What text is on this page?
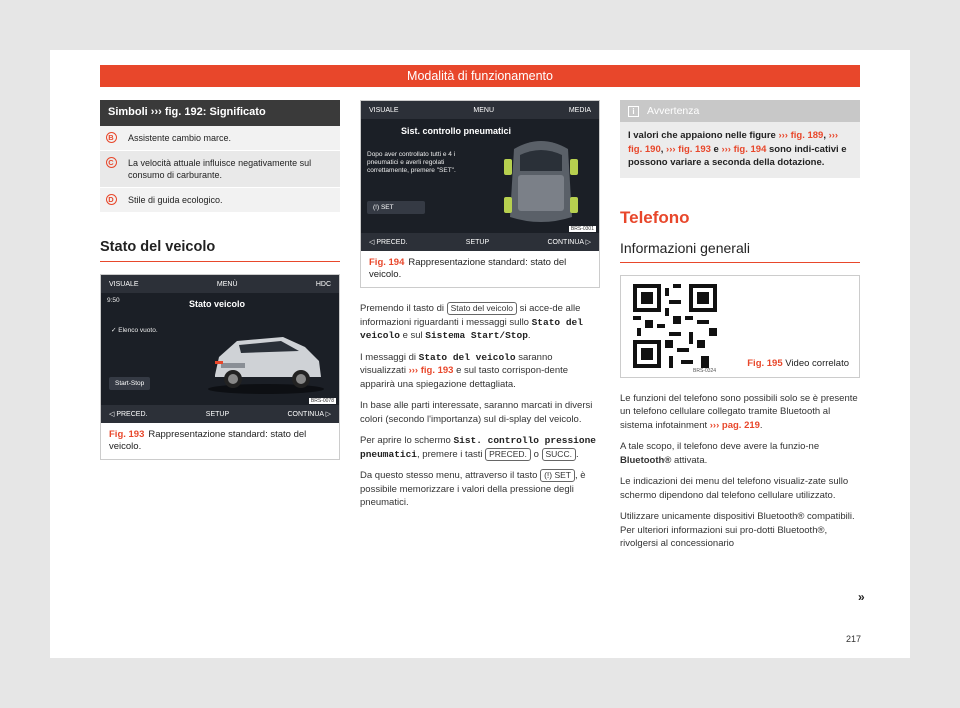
Modalità di funzionamento
Simboli ››› fig. 192: Significato
B	Assistente cambio marce.
C	La velocità attuale influisce negativamente sul consumo di carburante.
D	Stile di guida ecologico.
Stato del veicolo
VISUALE	MENÙ	HDC
9:50	Stato veicolo
✓ Elenco vuoto.
Start-Stop
◁ PRECED.	SETUP	CONTINUA ▷
BRS-0078
Fig. 193 Rappresentazione standard: stato del veicolo.
VISUALE	MENU	MEDIA
Sist. controllo pneumatici
Dopo aver controllato tutti e 4 i pneumatici e averli regolati correttamente, premere "SET".
(!) SET
◁ PRECED.	SETUP	CONTINUA ▷
BRS-0301
Fig. 194 Rappresentazione standard: stato del veicolo.

Premendo il tasto di Stato del veicolo si acce-de alle informazioni riguardanti i messaggi sullo Stato del veicolo e sul Sistema Start/Stop.

I messaggi di Stato del veicolo saranno visualizzati ››› fig. 193 e sul tasto corrispon-dente apparirà una spiegazione dettagliata.

In base alle parti interessate, saranno marcati in diversi colori (secondo l'importanza) sul di-splay del veicolo.

Per aprire lo schermo Sist. controllo pressione pneumatici, premere i tasti PRECED. o SUCC. .

Da questo stesso menu, attraverso il tasto (!) SET , è possibile memorizzare i valori della pressione degli pneumatici.

i	Avvertenza
I valori che appaiono nelle figure ››› fig. 189, ››› fig. 190, ››› fig. 193 e ››› fig. 194 sono indi-cativi e possono variare a seconda della dotazione.
Telefono
Informazioni generali
BRS-0324
Fig. 195 Video correlato

Le funzioni del telefono sono possibili solo se è presente un telefono cellulare collegato tramite Bluetooth al sistema infotainment ››› pag. 219.

A tale scopo, il telefono deve avere la funzio-ne Bluetooth® attivata.

Le indicazioni dei menu del telefono visualiz-zate sullo schermo dipendono dal telefono cellulare utilizzato.

Utilizzare unicamente dispositivi Bluetooth® compatibili. Per ulteriori informazioni sui pro-dotti Bluetooth®, rivolgersi al concessionario

»
217
